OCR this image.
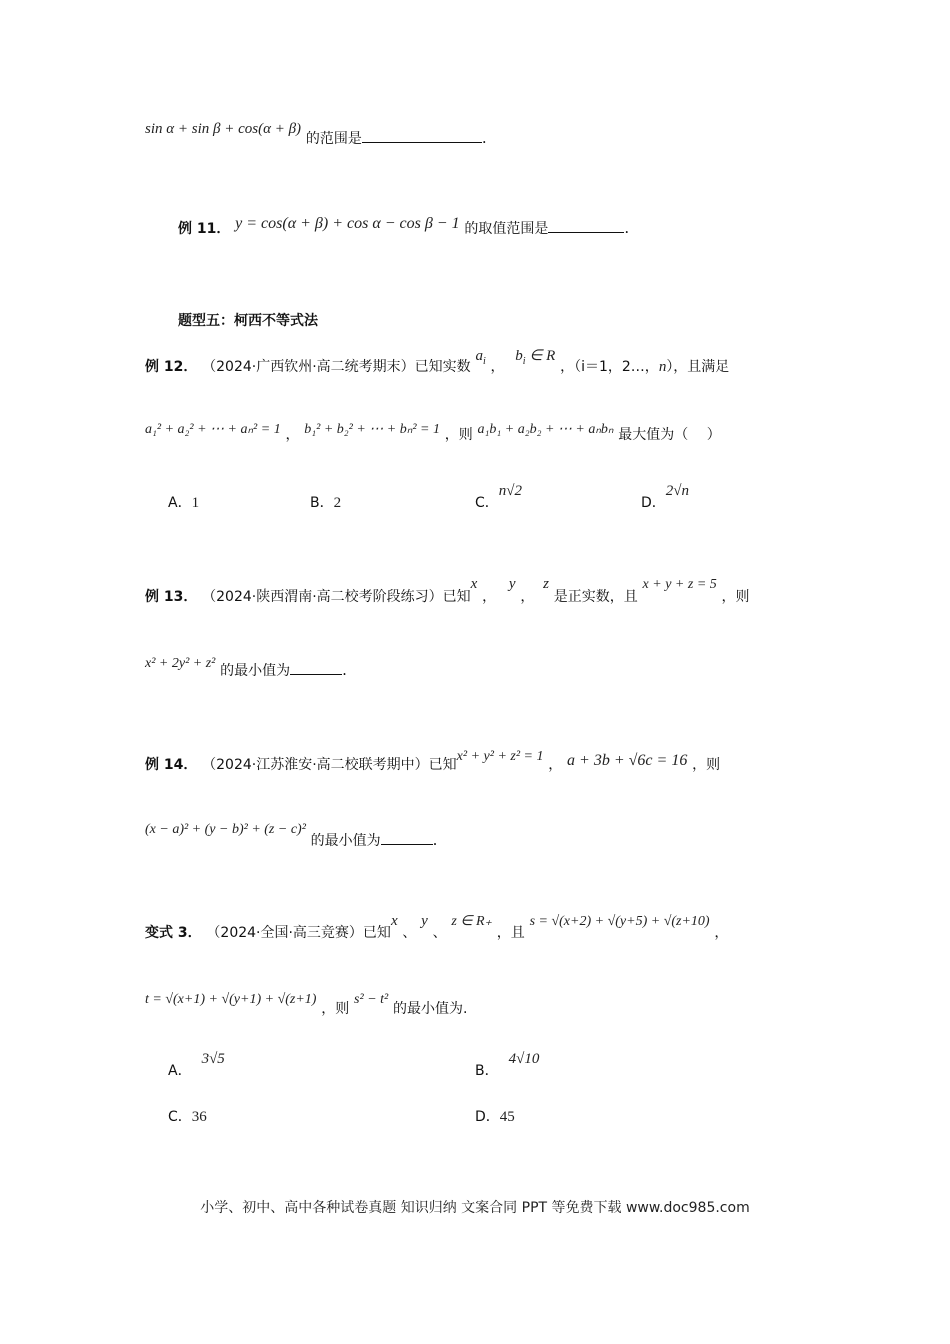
sin α + sin β + cos(α + β) 的范围是	.
例 11． y = cos(α + β) + cos α − cos β − 1 的取值范围是	.
题型五：柯西不等式法
例 12． （2024·广西钦州·高二统考期末）已知实数 $a_i$ ， $b_i$ ∈ R ，（i＝1，2…，n），且满足
a₁² + a₂² + ⋯ + aₙ² = 1 ， b₁² + b₂² + ⋯ + bₙ² = 1 ，则 a₁b₁ + a₂b₂ + ⋯ + aₙbₙ 最大值为（　 ）
A．1	B．2	C．n√2
D．2√n
例 13． （2024·陕西渭南·高二校考阶段练习）已知x ， y ， z 是正实数，且 x + y + z = 5 ，则
x² + 2y² + z² 的最小值为	.
例 14． （2024·江苏淮安·高二校联考期中）已知x² + y² + z² = 1 ， a + 3b + √6c = 16 ，则
(x − a)² + (y − b)² + (z − c)² 的最小值为	.
变式 3． （2024·全国·高三竞赛）已知x 、 y 、 z ∈ R₊ ，且 s = √(x+2) + √(y+5) + √(z+10) ，
t = √(x+1) + √(y+1) + √(z+1) ，则 s² − t² 的最小值为.
A．3√5
B．4√10
C．36	D．45
小学、初中、高中各种试卷真题 知识归纳 文案合同 PPT 等免费下载 www.doc985.com
